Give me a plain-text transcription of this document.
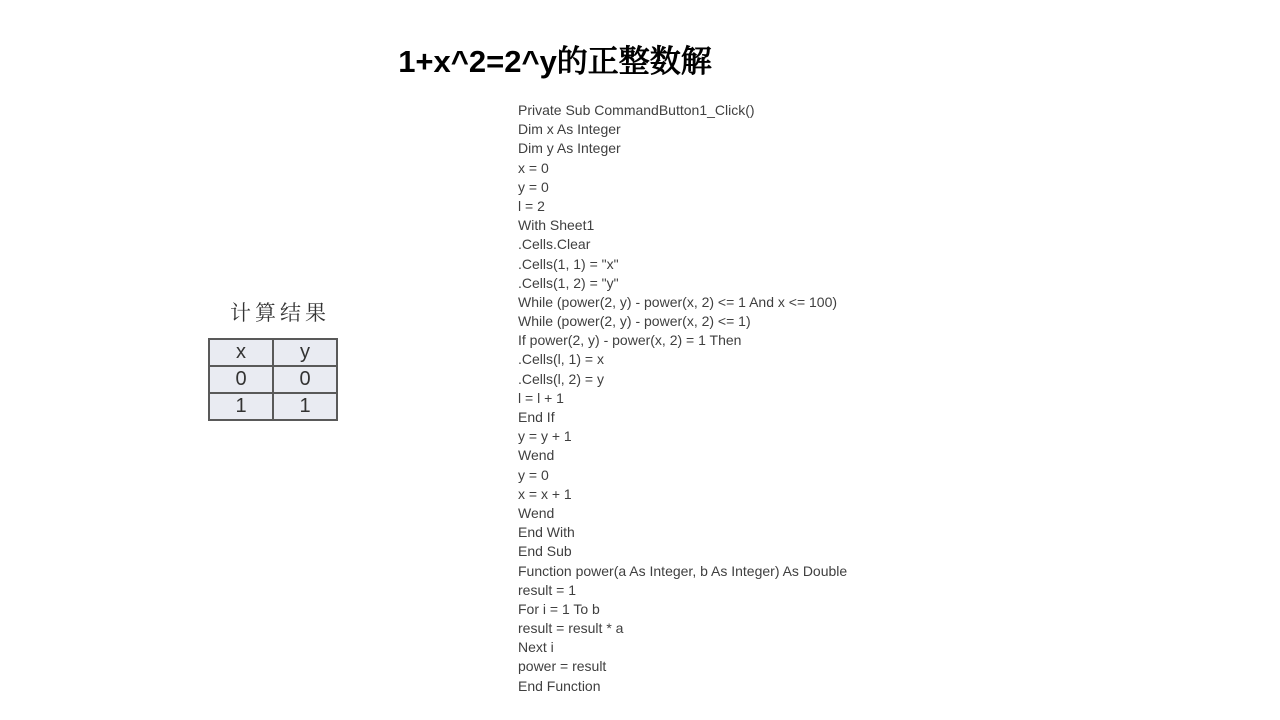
1+x^2=2^y的正整数解
计算结果
x	y
0	0
1	1
Private Sub CommandButton1_Click()
Dim x As Integer
Dim y As Integer
x = 0
y = 0
l = 2
With Sheet1
.Cells.Clear
.Cells(1, 1) = "x"
.Cells(1, 2) = "y"
While (power(2, y) - power(x, 2) <= 1 And x <= 100)
While (power(2, y) - power(x, 2) <= 1)
If power(2, y) - power(x, 2) = 1 Then
.Cells(l, 1) = x
.Cells(l, 2) = y
l = l + 1
End If
y = y + 1
Wend
y = 0
x = x + 1
Wend
End With
End Sub
Function power(a As Integer, b As Integer) As Double
result = 1
For i = 1 To b
result = result * a
Next i
power = result
End Function
